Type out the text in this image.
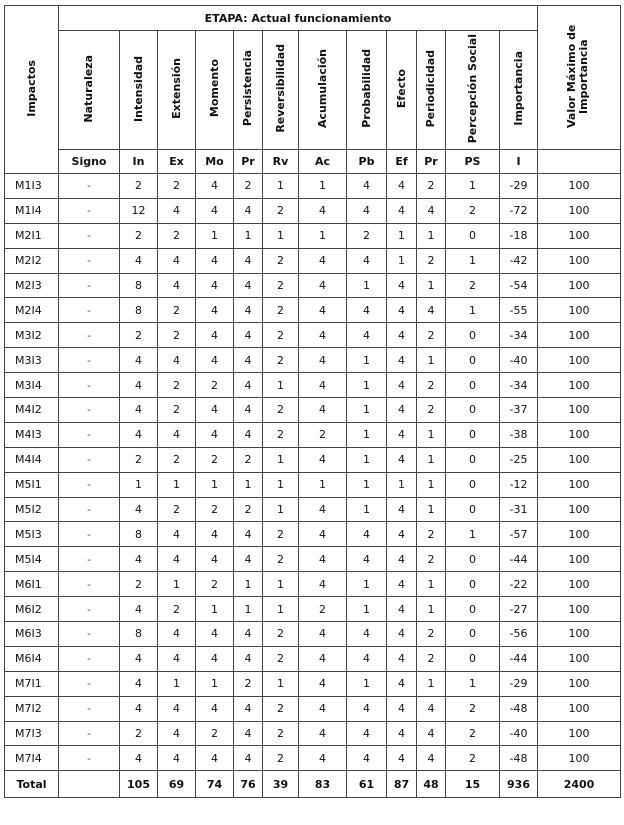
Impactos	ETAPA: Actual funcionamiento												Valor Máximo de Importancia
	Naturaleza	Intensidad	Extensión	Momento	Persistencia	Reversibilidad	Acumulación	Probabilidad	Efecto	Periodicidad	Percepción Social	Importancia	
	Signo	In	Ex	Mo	Pr	Rv	Ac	Pb	Ef	Pr	PS	I	
M1I3	-	2	2	4	2	1	1	4	4	2	1	-29	100
M1I4	-	12	4	4	4	2	4	4	4	4	2	-72	100
M2I1	-	2	2	1	1	1	1	2	1	1	0	-18	100
M2I2	-	4	4	4	4	2	4	4	1	2	1	-42	100
M2I3	-	8	4	4	4	2	4	1	4	1	2	-54	100
M2I4	-	8	2	4	4	2	4	4	4	4	1	-55	100
M3I2	-	2	2	4	4	2	4	4	4	2	0	-34	100
M3I3	-	4	4	4	4	2	4	1	4	1	0	-40	100
M3I4	-	4	2	2	4	1	4	1	4	2	0	-34	100
M4I2	-	4	2	4	4	2	4	1	4	2	0	-37	100
M4I3	-	4	4	4	4	2	2	1	4	1	0	-38	100
M4I4	-	2	2	2	2	1	4	1	4	1	0	-25	100
M5I1	-	1	1	1	1	1	1	1	1	1	0	-12	100
M5I2	-	4	2	2	2	1	4	1	4	1	0	-31	100
M5I3	-	8	4	4	4	2	4	4	4	2	1	-57	100
M5I4	-	4	4	4	4	2	4	4	4	2	0	-44	100
M6I1	-	2	1	2	1	1	4	1	4	1	0	-22	100
M6I2	-	4	2	1	1	1	2	1	4	1	0	-27	100
M6I3	-	8	4	4	4	2	4	4	4	2	0	-56	100
M6I4	-	4	4	4	4	2	4	4	4	2	0	-44	100
M7I1	-	4	1	1	2	1	4	1	4	1	1	-29	100
M7I2	-	4	4	4	4	2	4	4	4	4	2	-48	100
M7I3	-	2	4	2	4	2	4	4	4	4	2	-40	100
M7I4	-	4	4	4	4	2	4	4	4	4	2	-48	100
Total		105	69	74	76	39	83	61	87	48	15	936	2400
